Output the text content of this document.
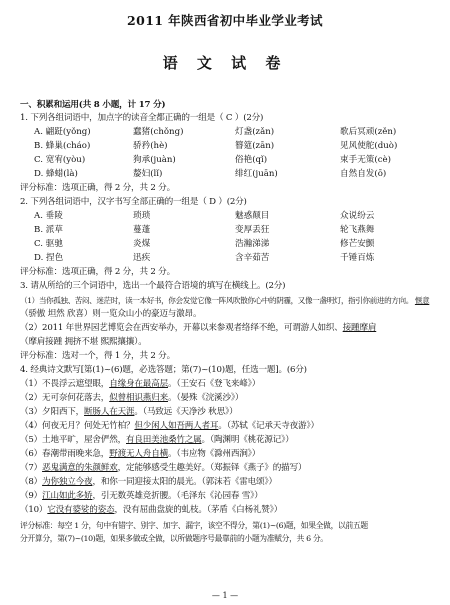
2011 年陕西省初中毕业学业考试
语 文 试 卷
一、积累和运用(共 8 小题，计 17 分)
1. 下列各组词语中，加点字的读音全都正确的一组是（ C ）(2分)
A. 翩跹(yǒng)	蠢猪(chǒng)	灯盏(zǎn)	歌后冥顽(zěn)
B. 蜂巢(cháo)	骄矜(hè)	簪筵(zān)	见风使舵(duò)
C. 宽宥(yòu)	狗承(juàn)	俗艳(qǐ)	束手无策(cè)
D. 蜂蜡(là)	嫠妇(lǐ)	绯红(juān)	自然自发(ō)
评分标准：选项正确，得 2 分，共 2 分。
2. 下列各组词语中，汉字书写全部正确的一组是（ D ）(2分)
A. 垂陵	琐琐	魅惑颠目	众说纷云
B. 派草	蔓蓬	变厚丢狂	轮飞燕舞
C. 驱驰	炎煤	浩瀚涕涕	修芒安颤
D. 捏色	迅疾	含辛茹苦	千锤百炼
评分标准：选项正确，得 2 分，共 2 分。
3. 请从所给的三个词语中，选出一个最符合语境的填写在横线上。(2分)
（1）当你孤独、苦闷、迷茫时，读一本好书，你会发觉它像一阵风吹散你心中的阴霾，又像一盏明灯，指引你前进的方向。 惬意
（骄傲 坦然 欣喜）则一览众山小的豪迈与激昂。
（2）2011 年世界园艺博览会在西安举办，开幕以来参观者络绎不绝，可谓游人如织、接踵摩肩
（摩肩接踵 拥挤不堪 熙熙攘攘）。
评分标准：选对一个，得 1 分，共 2 分。
4. 经典诗文默写[第(1)~(6)题，必选答题；第(7)~(10)题，任选一题]。(6分)
（1）不畏浮云遮望眼，自缘身在最高层。（王安石《登飞来峰》）
（2）无可奈何花落去，似曾相识燕归来。（晏殊《浣溪沙》）
（3）夕阳西下，断肠人在天涯。（马致远《天净沙 秋思》）
（4）何夜无月？何处无竹柏？但少闲人如吾两人者耳。（苏轼《记承天寺夜游》）
（5）土地平旷，屋舍俨然，有良田美池桑竹之属。（陶渊明《桃花源记》）
（6）春潮带雨晚来急，野渡无人舟自横。（韦应物《滁州西涧》）
（7）恶鬼满意的朱颜鲜欢，定能够感受生趣美好。（郑振铎《燕子》的描写）
（8）为你独立今夜，和你一同迎接太阳的晨光。（郭沫若《雷电颂》）
（9）江山如此多娇，引无数英雄竞折腰。（毛泽东《沁园春 雪》）
（10）它没有婆娑的姿态，没有屈曲盘旋的虬枝。（茅盾《白杨礼赞》）
评分标准：每空 1 分，句中有错字、别字、加字、漏字，该空不得分，第(1)~(6)题，如果全做，以前五题
分开算分，第(7)~(10)题，如果多做或全做，以所做题序号最靠前的小题为准赋分，共 6 分。
— 1 —
